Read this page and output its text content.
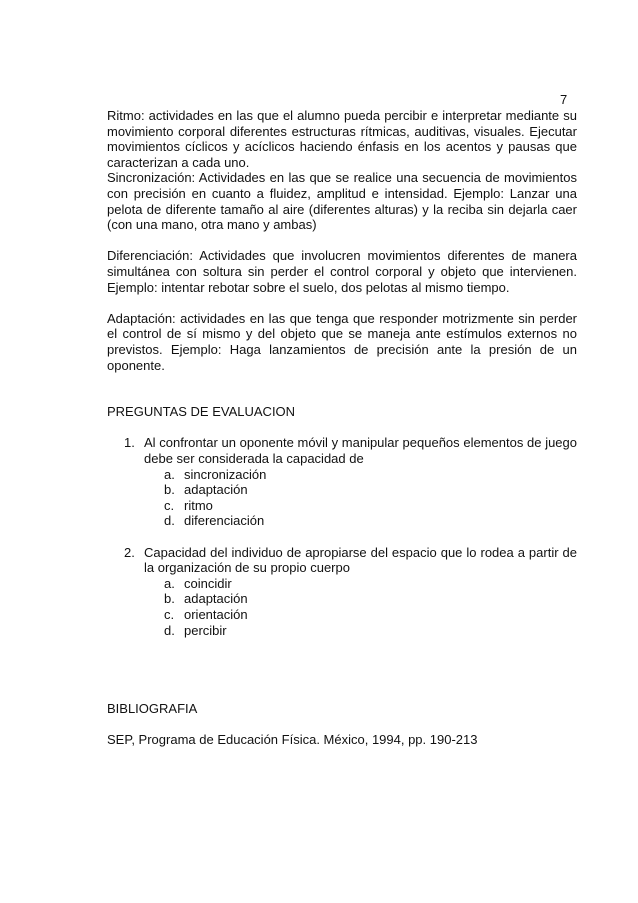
7

Ritmo: actividades en las que el alumno pueda percibir e interpretar mediante su movimiento corporal diferentes estructuras rítmicas, auditivas, visuales. Ejecutar movimientos cíclicos y acíclicos haciendo énfasis en los acentos y pausas que caracterizan a cada uno.

Sincronización: Actividades en las que se realice una secuencia de movimientos con precisión en cuanto a fluidez, amplitud e intensidad. Ejemplo: Lanzar una pelota de diferente tamaño al aire (diferentes alturas) y la reciba sin dejarla caer (con una mano, otra mano y ambas)

Diferenciación: Actividades que involucren movimientos diferentes de manera simultánea con soltura sin perder el control corporal y objeto que intervienen. Ejemplo: intentar rebotar sobre el suelo, dos pelotas al mismo tiempo.

Adaptación: actividades en las que tenga que responder motrizmente sin perder el control de sí mismo y del objeto que se maneja ante estímulos externos no previstos. Ejemplo: Haga lanzamientos de precisión ante la presión de un oponente.

PREGUNTAS DE EVALUACION

1. Al confrontar un oponente móvil y manipular pequeños elementos de juego debe ser considerada la capacidad de
a. sincronización
b. adaptación
c. ritmo
d. diferenciación
2. Capacidad del individuo de apropiarse del espacio que lo rodea a partir de la organización de su propio cuerpo
a. coincidir
b. adaptación
c. orientación
d. percibir

BIBLIOGRAFIA

SEP, Programa de Educación Física. México, 1994, pp. 190-213
